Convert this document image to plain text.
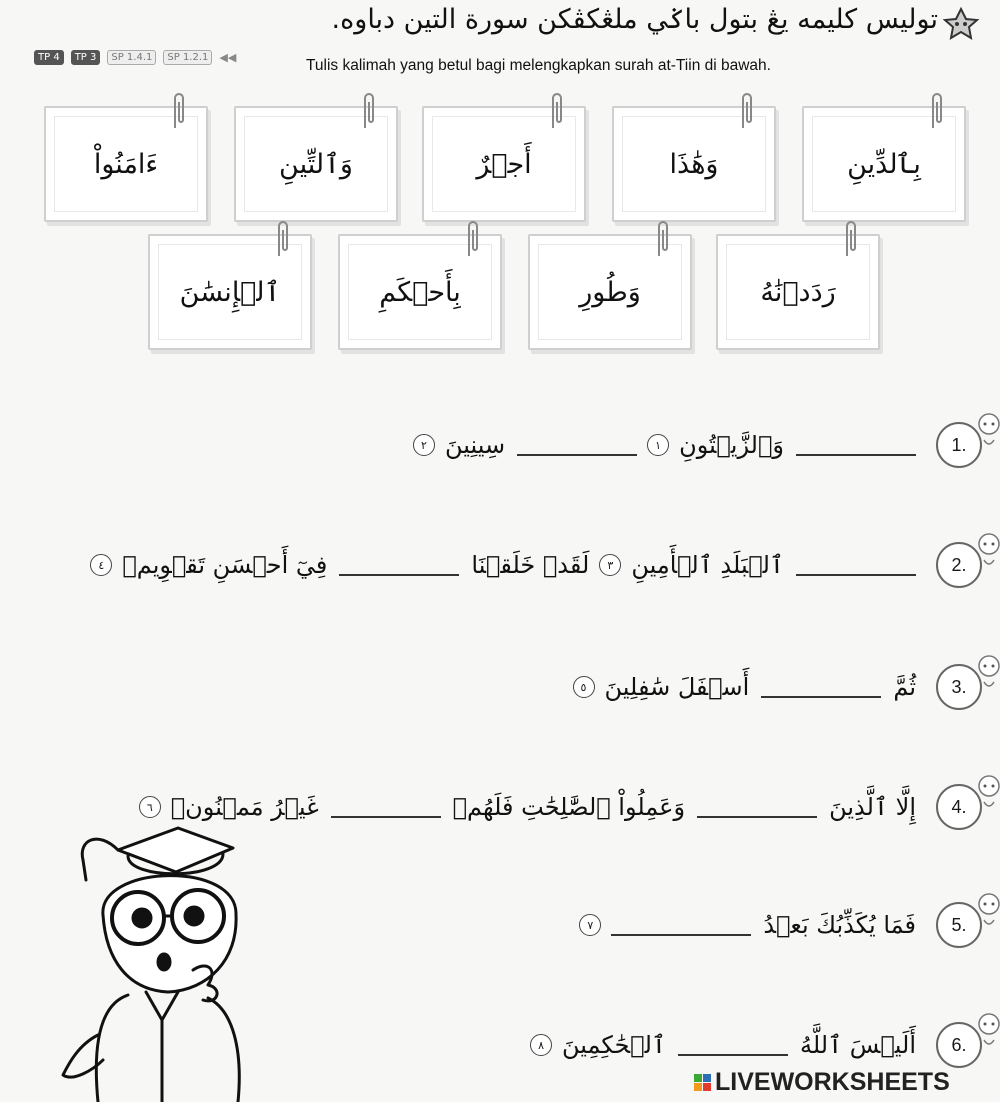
توليس كليمه يڠ بتول باݢي ملڠكڤكن سورة التين دباوه.
TP 4	TP 3	SP 1.4.1	SP 1.2.1	◀◀	Tulis kalimah yang betul bagi melengkapkan surah at-Tiin di bawah.
ءَامَنُواْ	وَٱلتِّينِ	أَجۡرٌ	وَهَٰذَا	بِٱلدِّينِ
ٱلۡإِنسَٰنَ	بِأَحۡكَمِ	وَطُورِ	رَدَدۡنَٰهُ
1.
وَٱلزَّيۡتُونِ
١
سِينِينَ
٢
2.
ٱلۡبَلَدِ ٱلۡأَمِينِ
٣
لَقَدۡ خَلَقۡنَا
فِيٓ أَحۡسَنِ تَقۡوِيمٖ
٤
3.
ثُمَّ
أَسۡفَلَ سَٰفِلِينَ
٥
4.
إِلَّا ٱلَّذِينَ
وَعَمِلُواْ ٱلصَّٰلِحَٰتِ فَلَهُمۡ
غَيۡرُ مَمۡنُونٖ
٦
5.
فَمَا يُكَذِّبُكَ بَعۡدُ
٧
6.
أَلَيۡسَ ٱللَّهُ
ٱلۡحَٰكِمِينَ
٨
LIVEWORKSHEETS
